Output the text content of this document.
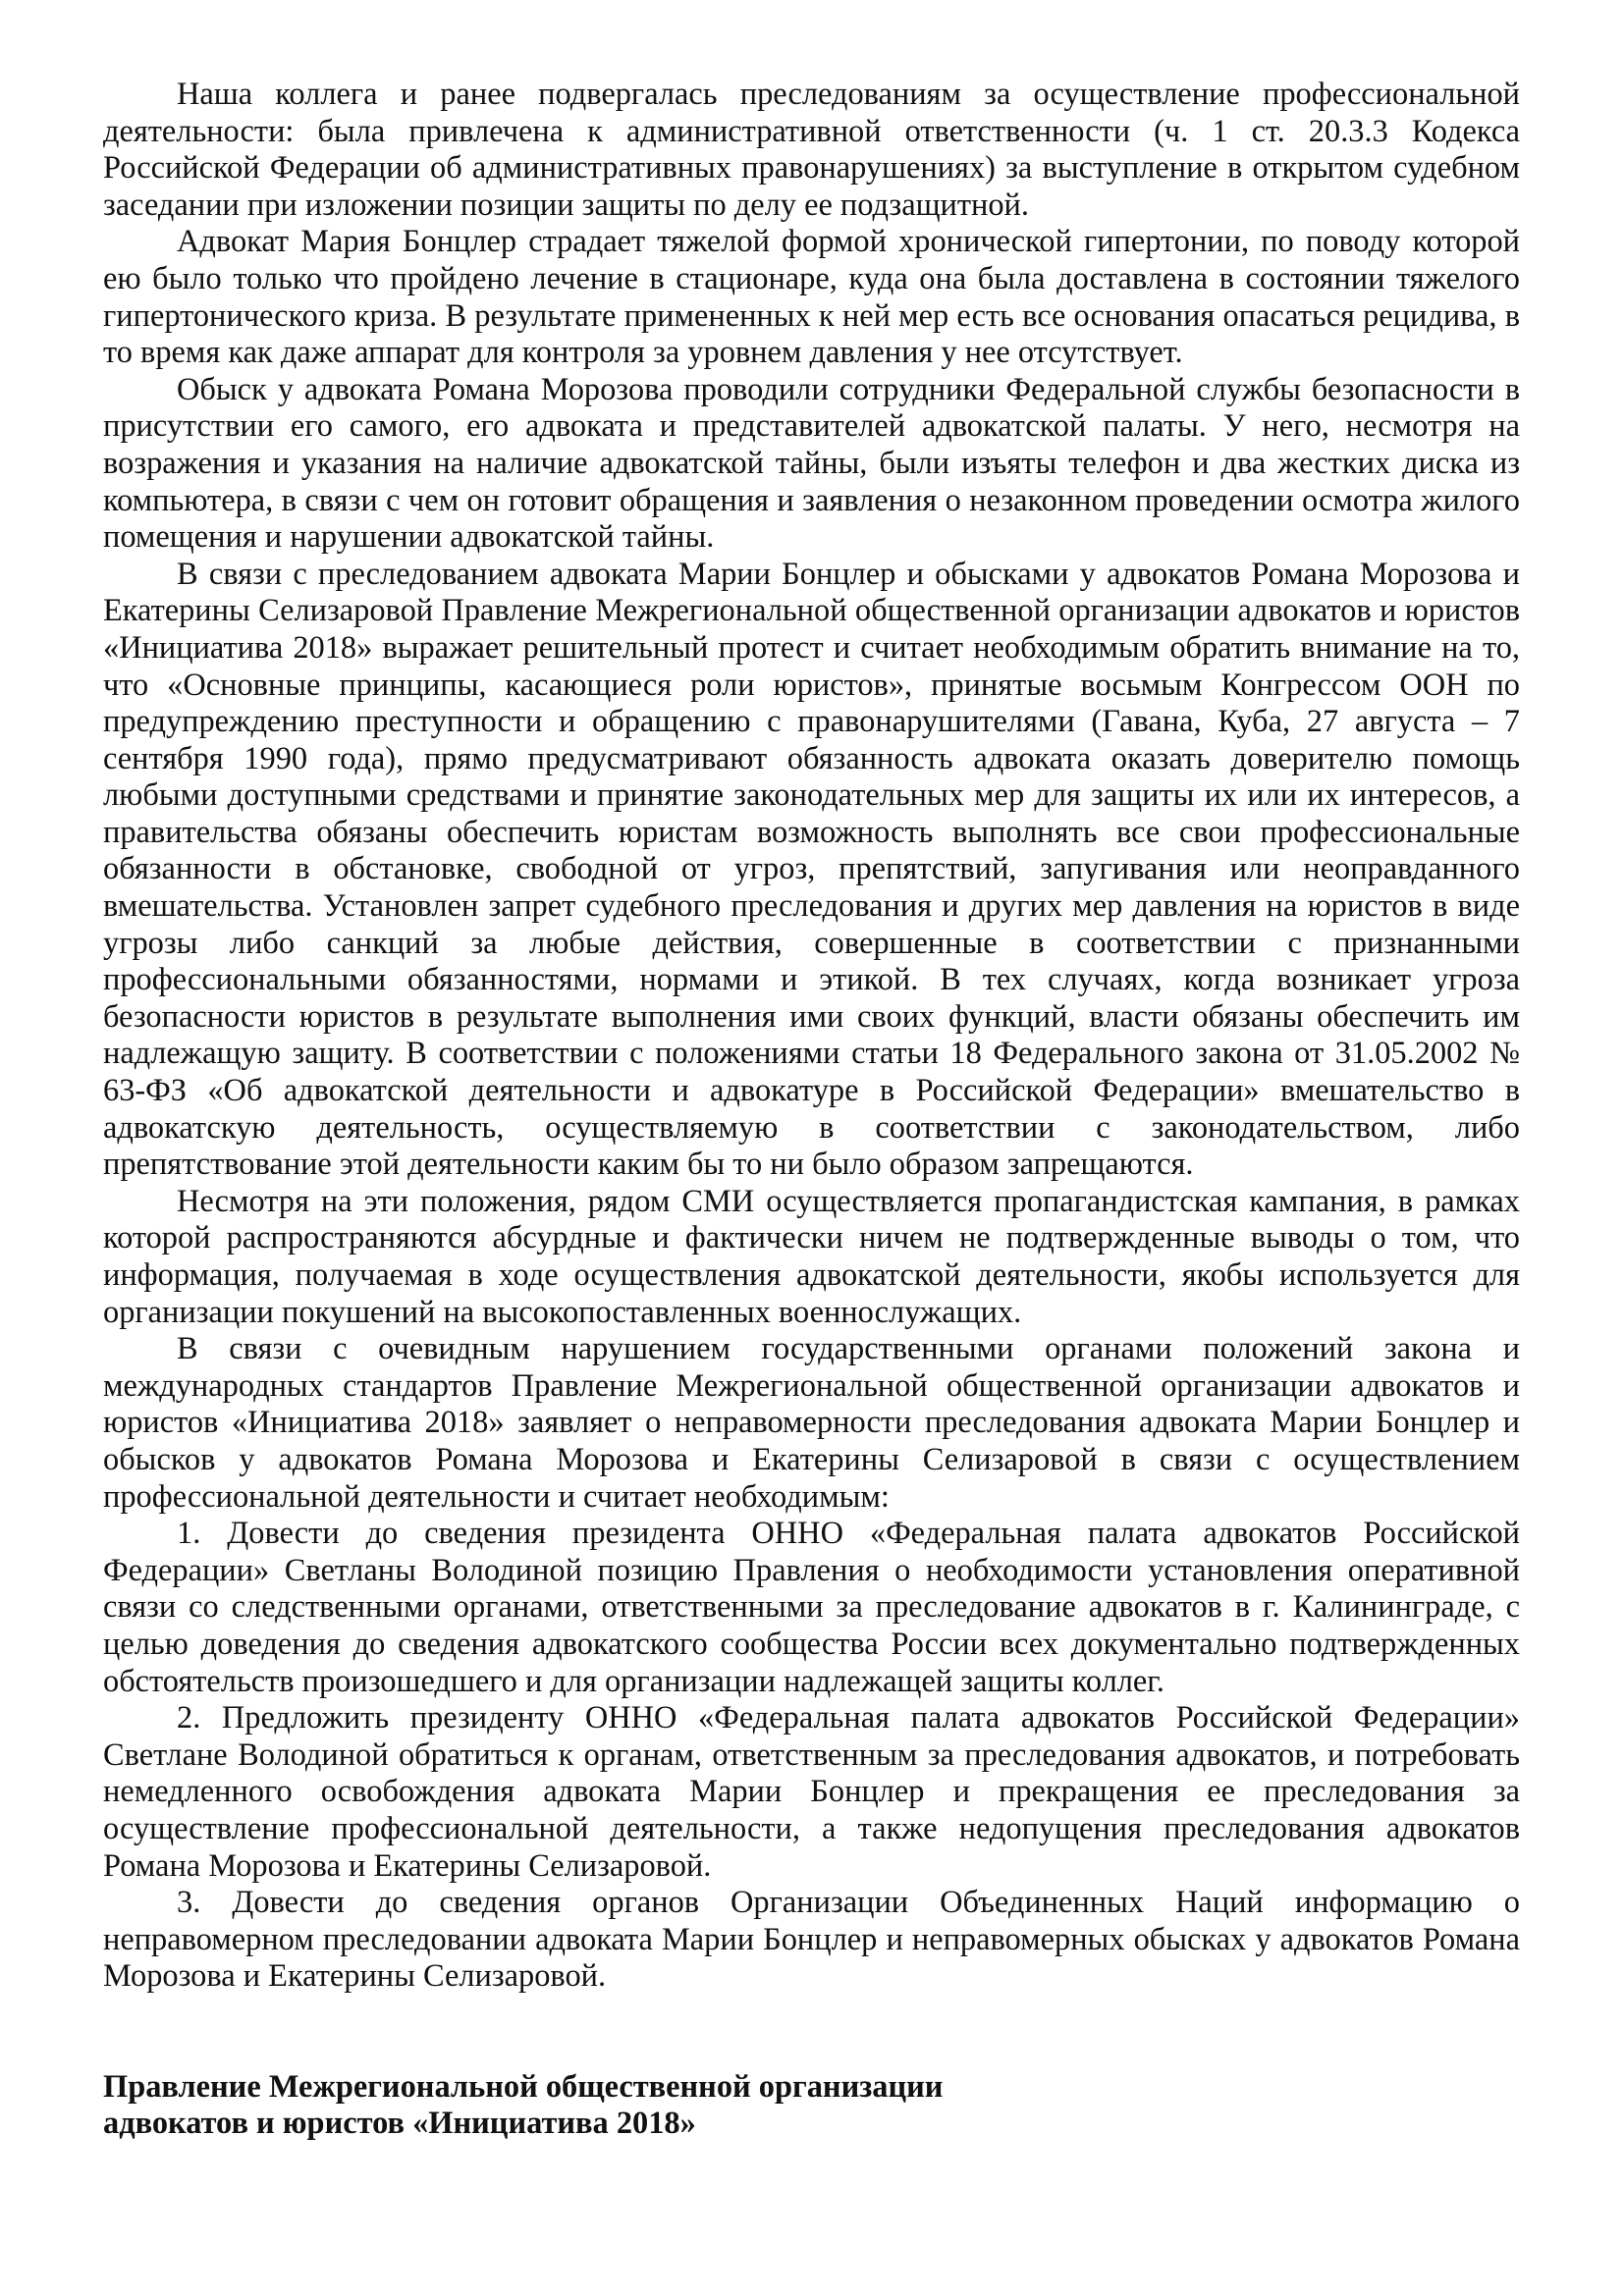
Наша коллега и ранее подвергалась преследованиям за осуществление профессиональной деятельности: была привлечена к административной ответственности (ч. 1 ст. 20.3.3 Кодекса Российской Федерации об административных правонарушениях) за выступление в открытом судебном заседании при изложении позиции защиты по делу ее подзащитной.

Адвокат Мария Бонцлер страдает тяжелой формой хронической гипертонии, по поводу которой ею было только что пройдено лечение в стационаре, куда она была доставлена в состоянии тяжелого гипертонического криза. В результате примененных к ней мер есть все основания опасаться рецидива, в то время как даже аппарат для контроля за уровнем давления у нее отсутствует.

Обыск у адвоката Романа Морозова проводили сотрудники Федеральной службы безопасности в присутствии его самого, его адвоката и представителей адвокатской палаты. У него, несмотря на возражения и указания на наличие адвокатской тайны, были изъяты телефон и два жестких диска из компьютера, в связи с чем он готовит обращения и заявления о незаконном проведении осмотра жилого помещения и нарушении адвокатской тайны.

В связи с преследованием адвоката Марии Бонцлер и обысками у адвокатов Романа Морозова и Екатерины Селизаровой Правление Межрегиональной общественной организации адвокатов и юристов «Инициатива 2018» выражает решительный протест и считает необходимым обратить внимание на то, что «Основные принципы, касающиеся роли юристов», принятые восьмым Конгрессом ООН по предупреждению преступности и обращению с правонарушителями (Гавана, Куба, 27 августа – 7 сентября 1990 года), прямо предусматривают обязанность адвоката оказать доверителю помощь любыми доступными средствами и принятие законодательных мер для защиты их или их интересов, а правительства обязаны обеспечить юристам возможность выполнять все свои профессиональные обязанности в обстановке, свободной от угроз, препятствий, запугивания или неоправданного вмешательства. Установлен запрет судебного преследования и других мер давления на юристов в виде угрозы либо санкций за любые действия, совершенные в соответствии с признанными профессиональными обязанностями, нормами и этикой. В тех случаях, когда возникает угроза безопасности юристов в результате выполнения ими своих функций, власти обязаны обеспечить им надлежащую защиту. В соответствии с положениями статьи 18 Федерального закона от 31.05.2002 № 63-ФЗ «Об адвокатской деятельности и адвокатуре в Российской Федерации» вмешательство в адвокатскую деятельность, осуществляемую в соответствии с законодательством, либо препятствование этой деятельности каким бы то ни было образом запрещаются.

Несмотря на эти положения, рядом СМИ осуществляется пропагандистская кампания, в рамках которой распространяются абсурдные и фактически ничем не подтвержденные выводы о том, что информация, получаемая в ходе осуществления адвокатской деятельности, якобы используется для организации покушений на высокопоставленных военнослужащих.

В связи с очевидным нарушением государственными органами положений закона и международных стандартов Правление Межрегиональной общественной организации адвокатов и юристов «Инициатива 2018» заявляет о неправомерности преследования адвоката Марии Бонцлер и обысков у адвокатов Романа Морозова и Екатерины Селизаровой в связи с осуществлением профессиональной деятельности и считает необходимым:

1. Довести до сведения президента ОННО «Федеральная палата адвокатов Российской Федерации» Светланы Володиной позицию Правления о необходимости установления оперативной связи со следственными органами, ответственными за преследование адвокатов в г. Калининграде, с целью доведения до сведения адвокатского сообщества России всех документально подтвержденных обстоятельств произошедшего и для организации надлежащей защиты коллег.

2. Предложить президенту ОННО «Федеральная палата адвокатов Российской Федерации» Светлане Володиной обратиться к органам, ответственным за преследования адвокатов, и потребовать немедленного освобождения адвоката Марии Бонцлер и прекращения ее преследования за осуществление профессиональной деятельности, а также недопущения преследования адвокатов Романа Морозова и Екатерины Селизаровой.

3. Довести до сведения органов Организации Объединенных Наций информацию о неправомерном преследовании адвоката Марии Бонцлер и неправомерных обысках у адвокатов Романа Морозова и Екатерины Селизаровой.

Правление Межрегиональной общественной организации
адвокатов и юристов «Инициатива 2018»
